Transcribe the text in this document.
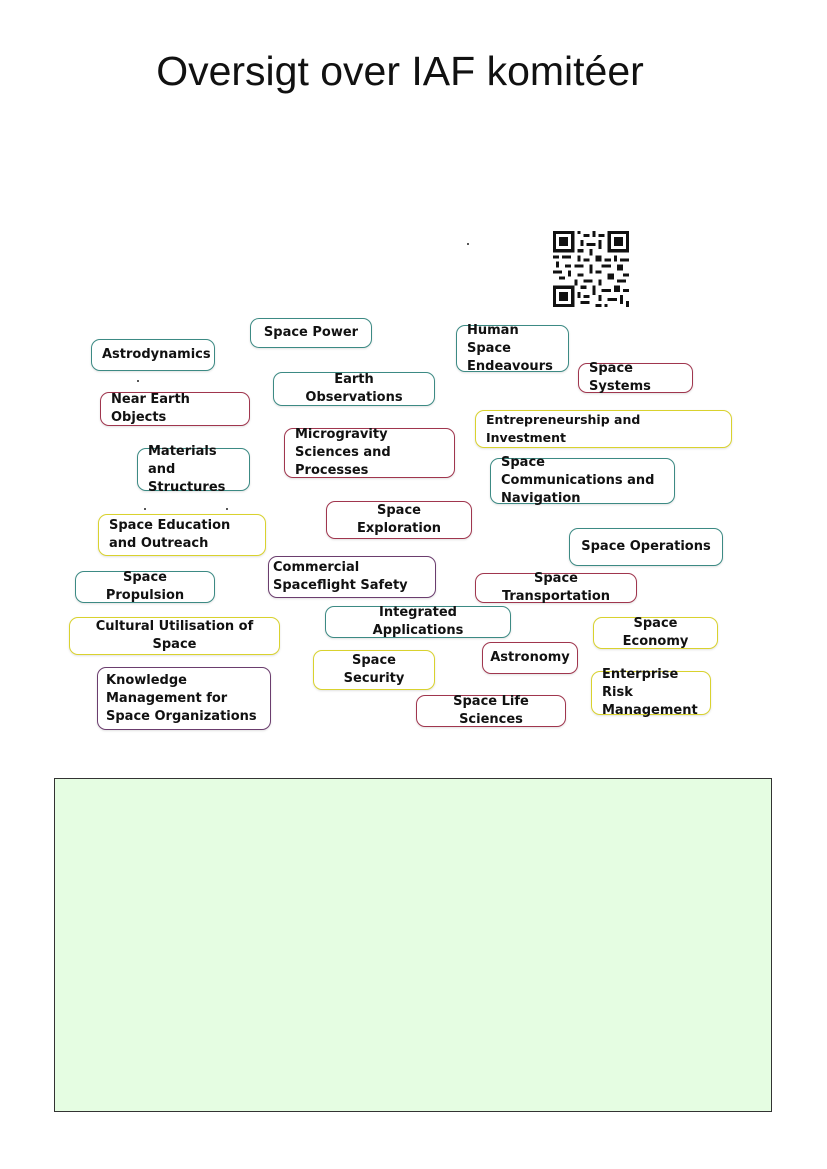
Oversigt over IAF komitéer
Space Power
Astrodynamics
Human Space Endeavours	Space Systems
Earth Observations
Near Earth Objects	Entrepreneurship and Investment
Microgravity Sciences and Processes
Materials and Structures
Space Communications and Navigation
Space Exploration
Space Education and Outreach	Space Operations
Commercial Spaceflight Safety
Space Propulsion
Space Transportation
Integrated Applications
Cultural Utilisation of Space
Space Economy
Astronomy
Space Security	Enterprise Risk Management
Knowledge Management for Space Organizations
Space Life Sciences
